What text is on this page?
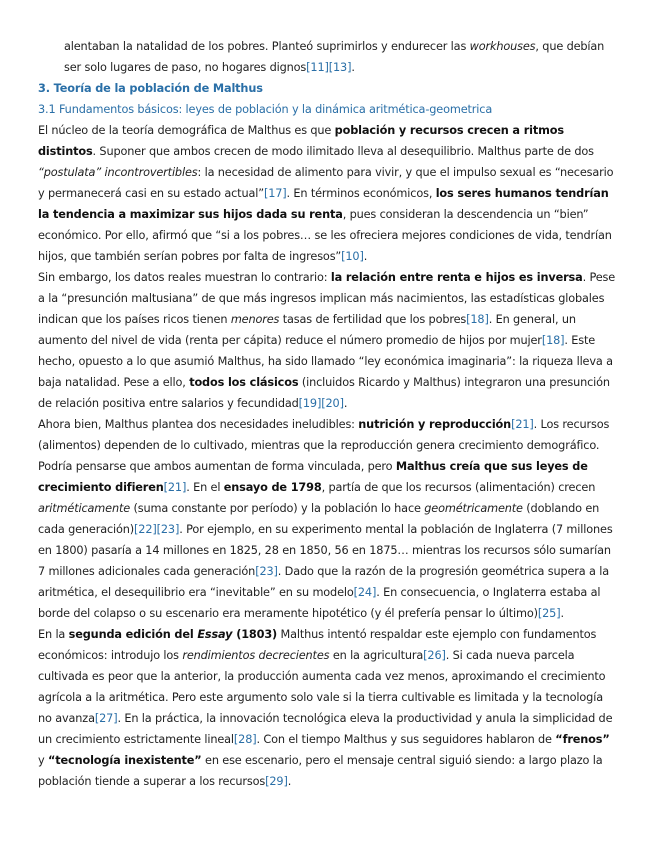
alentaban la natalidad de los pobres. Planteó suprimirlos y endurecer las workhouses, que debían ser solo lugares de paso, no hogares dignos[11][13].

3. Teoría de la población de Malthus

3.1 Fundamentos básicos: leyes de población y la dinámica aritmética-geometrica

El núcleo de la teoría demográfica de Malthus es que población y recursos crecen a ritmos distintos. Suponer que ambos crecen de modo ilimitado lleva al desequilibrio. Malthus parte de dos “postulata” incontrovertibles: la necesidad de alimento para vivir, y que el impulso sexual es “necesario y permanecerá casi en su estado actual”[17]. En términos económicos, los seres humanos tendrían la tendencia a maximizar sus hijos dada su renta, pues consideran la descendencia un “bien” económico. Por ello, afirmó que “si a los pobres… se les ofreciera mejores condiciones de vida, tendrían hijos, que también serían pobres por falta de ingresos”[10].

Sin embargo, los datos reales muestran lo contrario: la relación entre renta e hijos es inversa. Pese a la “presunción maltusiana” de que más ingresos implican más nacimientos, las estadísticas globales indican que los países ricos tienen menores tasas de fertilidad que los pobres[18]. En general, un aumento del nivel de vida (renta per cápita) reduce el número promedio de hijos por mujer[18]. Este hecho, opuesto a lo que asumió Malthus, ha sido llamado “ley económica imaginaria”: la riqueza lleva a baja natalidad. Pese a ello, todos los clásicos (incluidos Ricardo y Malthus) integraron una presunción de relación positiva entre salarios y fecundidad[19][20].

Ahora bien, Malthus plantea dos necesidades ineludibles: nutrición y reproducción[21]. Los recursos (alimentos) dependen de lo cultivado, mientras que la reproducción genera crecimiento demográfico. Podría pensarse que ambos aumentan de forma vinculada, pero Malthus creía que sus leyes de crecimiento difieren[21]. En el ensayo de 1798, partía de que los recursos (alimentación) crecen aritméticamente (suma constante por período) y la población lo hace geométricamente (doblando en cada generación)[22][23]. Por ejemplo, en su experimento mental la población de Inglaterra (7 millones en 1800) pasaría a 14 millones en 1825, 28 en 1850, 56 en 1875… mientras los recursos sólo sumarían 7 millones adicionales cada generación[23]. Dado que la razón de la progresión geométrica supera a la aritmética, el desequilibrio era “inevitable” en su modelo[24]. En consecuencia, o Inglaterra estaba al borde del colapso o su escenario era meramente hipotético (y él prefería pensar lo último)[25].

En la segunda edición del Essay (1803) Malthus intentó respaldar este ejemplo con fundamentos económicos: introdujo los rendimientos decrecientes en la agricultura[26]. Si cada nueva parcela cultivada es peor que la anterior, la producción aumenta cada vez menos, aproximando el crecimiento agrícola a la aritmética. Pero este argumento solo vale si la tierra cultivable es limitada y la tecnología no avanza[27]. En la práctica, la innovación tecnológica eleva la productividad y anula la simplicidad de un crecimiento estrictamente lineal[28]. Con el tiempo Malthus y sus seguidores hablaron de “frenos” y “tecnología inexistente” en ese escenario, pero el mensaje central siguió siendo: a largo plazo la población tiende a superar a los recursos[29].
